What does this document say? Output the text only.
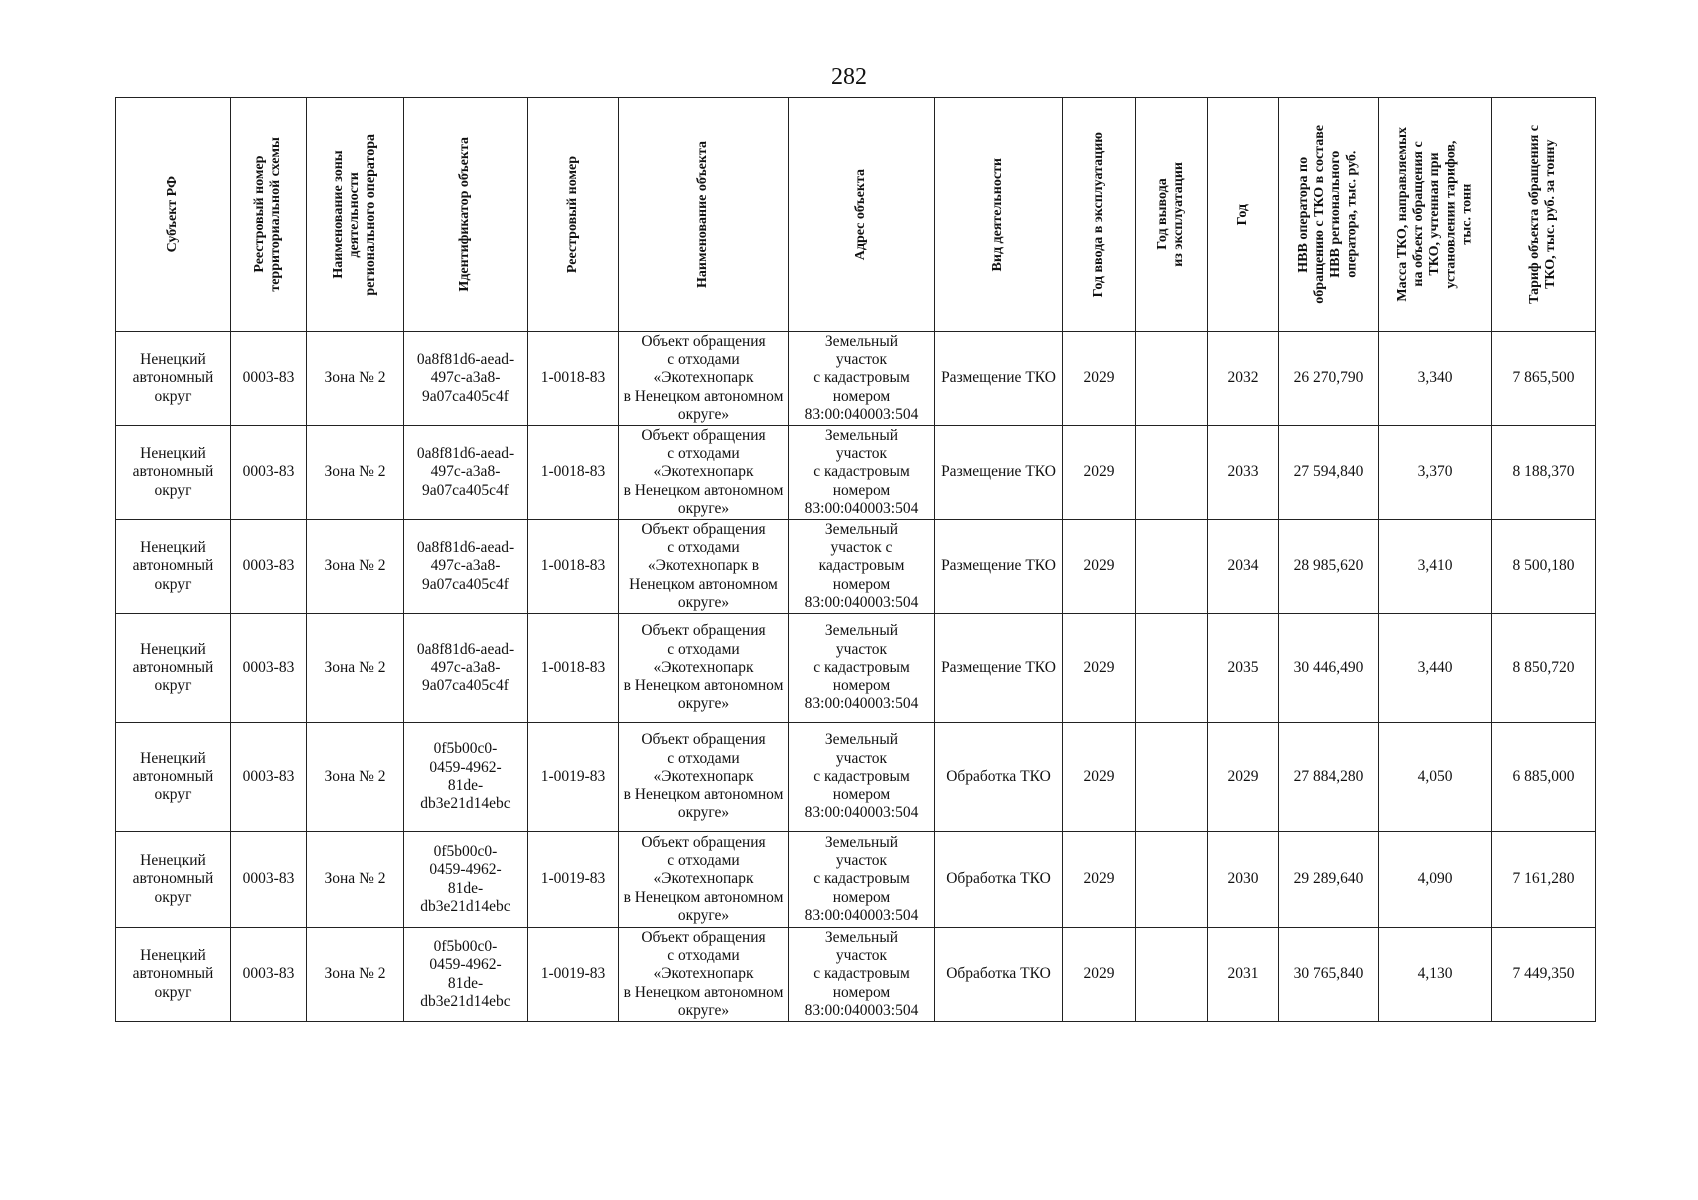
282
Субъект РФ	Реестровый номер
территориальной схемы	Наименование зоны
деятельности
регионального оператора	Идентификатор объекта	Реестровый номер	Наименование объекта	Адрес объекта	Вид деятельности	Год ввода в эксплуатацию	Год вывода
из эксплуатации	Год	НВВ оператора по
обращению с ТКО в составе
НВВ регионального
оператора, тыс. руб.	Масса ТКО, направляемых
на объект обращения с
ТКО, учтенная при
установлении тарифов,
тыс. тонн	Тариф объекта обращения с
ТКО, тыс. руб. за тонну

Ненецкий
автономный
округ	0003-83	Зона № 2	0a8f81d6-aead-
497c-a3a8-
9a07ca405c4f	1-0018-83	Объект обращения
с отходами
«Экотехнопарк
в Ненецком автономном
округе»	Земельный
участок
с кадастровым
номером
83:00:040003:504	Размещение ТКО	2029		2032	26 270,790	3,340	7 865,500
Ненецкий
автономный
округ	0003-83	Зона № 2	0a8f81d6-aead-
497c-a3a8-
9a07ca405c4f	1-0018-83	Объект обращения
с отходами
«Экотехнопарк
в Ненецком автономном
округе»	Земельный
участок
с кадастровым
номером
83:00:040003:504	Размещение ТКО	2029		2033	27 594,840	3,370	8 188,370
Ненецкий
автономный
округ	0003-83	Зона № 2	0a8f81d6-aead-
497c-a3a8-
9a07ca405c4f	1-0018-83	Объект обращения
с отходами
«Экотехнопарк в
Ненецком автономном
округе»	Земельный
участок с
кадастровым
номером
83:00:040003:504	Размещение ТКО	2029		2034	28 985,620	3,410	8 500,180
Ненецкий
автономный
округ	0003-83	Зона № 2	0a8f81d6-aead-
497c-a3a8-
9a07ca405c4f	1-0018-83	Объект обращения
с отходами
«Экотехнопарк
в Ненецком автономном
округе»	Земельный
участок
с кадастровым
номером
83:00:040003:504	Размещение ТКО	2029		2035	30 446,490	3,440	8 850,720
Ненецкий
автономный
округ	0003-83	Зона № 2	0f5b00c0-
0459-4962-
81de-
db3e21d14ebc	1-0019-83	Объект обращения
с отходами
«Экотехнопарк
в Ненецком автономном
округе»	Земельный
участок
с кадастровым
номером
83:00:040003:504	Обработка ТКО	2029		2029	27 884,280	4,050	6 885,000
Ненецкий
автономный
округ	0003-83	Зона № 2	0f5b00c0-
0459-4962-
81de-
db3e21d14ebc	1-0019-83	Объект обращения
с отходами
«Экотехнопарк
в Ненецком автономном
округе»	Земельный
участок
с кадастровым
номером
83:00:040003:504	Обработка ТКО	2029		2030	29 289,640	4,090	7 161,280
Ненецкий
автономный
округ	0003-83	Зона № 2	0f5b00c0-
0459-4962-
81de-
db3e21d14ebc	1-0019-83	Объект обращения
с отходами
«Экотехнопарк
в Ненецком автономном
округе»	Земельный
участок
с кадастровым
номером
83:00:040003:504	Обработка ТКО	2029		2031	30 765,840	4,130	7 449,350
